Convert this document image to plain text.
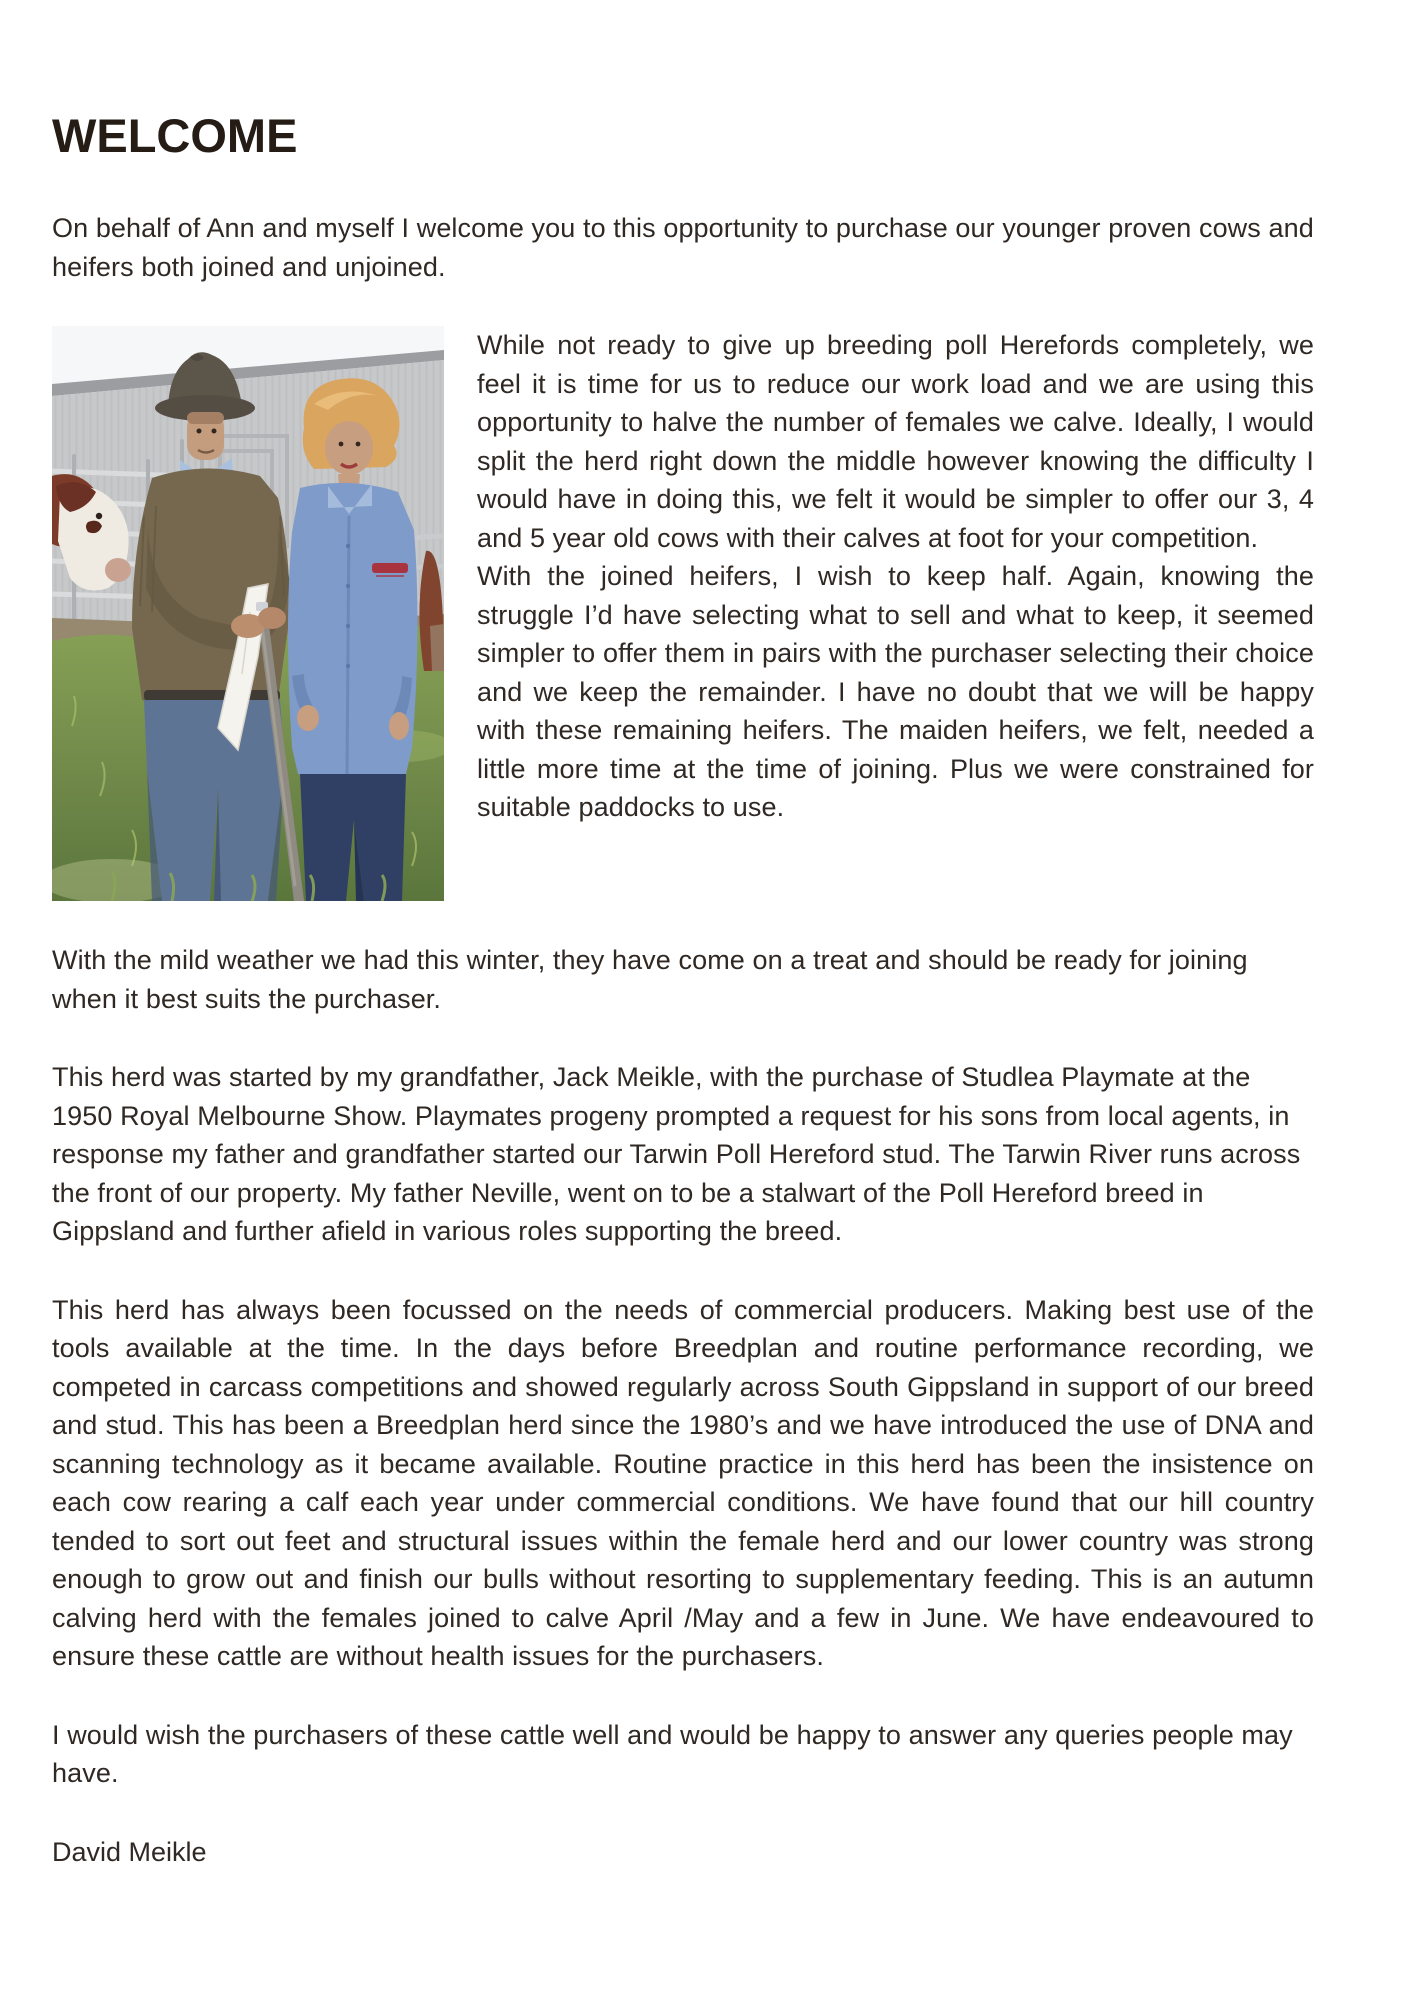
WELCOME

On behalf of Ann and myself I welcome you to this opportunity to purchase our younger proven cows and heifers both joined and unjoined.

While not ready to give up breeding poll Herefords completely, we feel it is time for us to reduce our work load and we are using this opportunity to halve the number of females we calve. Ideally, I would split the herd right down the middle however knowing the difficulty I would have in doing this, we felt it would be simpler to offer our 3, 4 and 5 year old cows with their calves at foot for your competition.

With the joined heifers, I wish to keep half. Again, knowing the struggle I’d have selecting what to sell and what to keep, it seemed simpler to offer them in pairs with the purchaser selecting their choice and we keep the remainder. I have no doubt that we will be happy with these remaining heifers. The maiden heifers, we felt, needed a little more time at the time of joining. Plus we were constrained for suitable paddocks to use.

With the mild weather we had this winter, they have come on a treat and should be ready for joining when it best suits the purchaser.

This herd was started by my grandfather, Jack Meikle, with the purchase of Studlea Playmate at the 1950 Royal Melbourne Show. Playmates progeny prompted a request for his sons from local agents, in response my father and grandfather started our Tarwin Poll Hereford stud. The Tarwin River runs across the front of our property. My father Neville, went on to be a stalwart of the Poll Hereford breed in Gippsland and further afield in various roles supporting the breed.

This herd has always been focussed on the needs of commercial producers. Making best use of the tools available at the time. In the days before Breedplan and routine performance recording, we competed in carcass competitions and showed regularly across South Gippsland in support of our breed and stud. This has been a Breedplan herd since the 1980’s and we have introduced the use of DNA and scanning technology as it became available. Routine practice in this herd has been the insistence on each cow rearing a calf each year under commercial conditions. We have found that our hill country tended to sort out feet and structural issues within the female herd and our lower country was strong enough to grow out and finish our bulls without resorting to supplementary feeding. This is an autumn calving herd with the females joined to calve April /May and a few in June. We have endeavoured to ensure these cattle are without health issues for the purchasers.

I would wish the purchasers of these cattle well and would be happy to answer any queries people may have.

David Meikle
